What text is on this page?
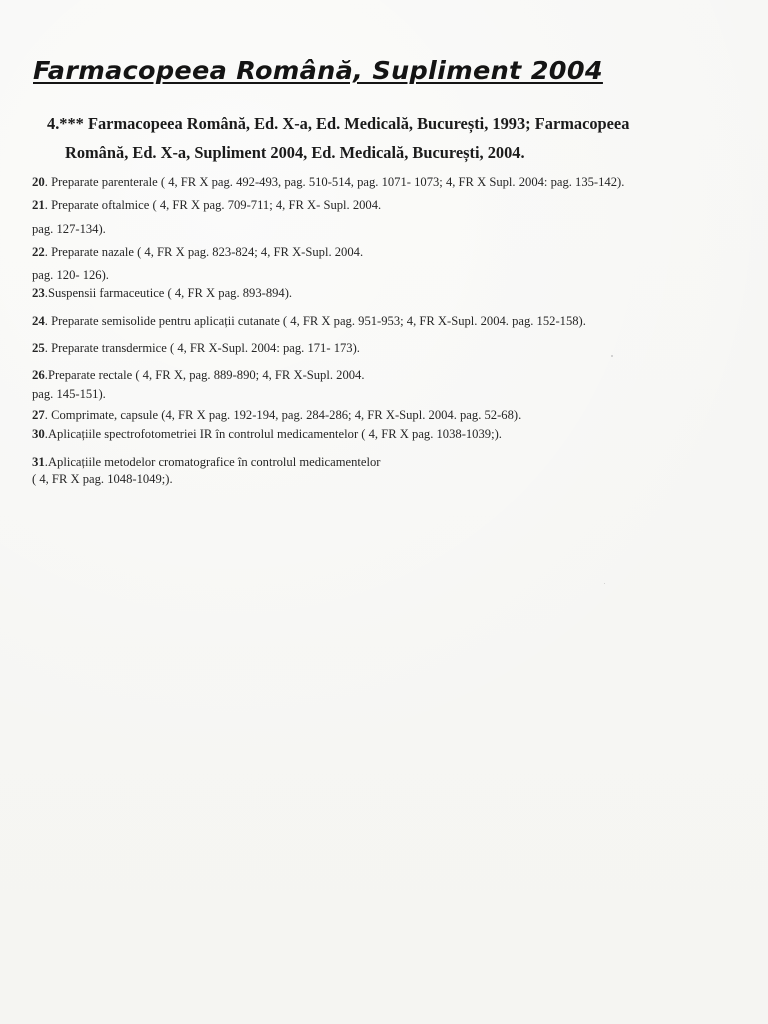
Farmacopeea Română, Supliment 2004
4.*** Farmacopeea Română, Ed. X-a, Ed. Medicală, București, 1993; Farmacopeea
Română, Ed. X-a, Supliment 2004, Ed. Medicală, București, 2004.
20. Preparate parenterale ( 4, FR X pag. 492-493, pag. 510-514, pag. 1071- 1073; 4, FR X Supl. 2004: pag. 135-142).
21. Preparate oftalmice ( 4, FR X pag. 709-711; 4, FR X- Supl. 2004.
pag. 127-134).
22. Preparate nazale ( 4, FR X pag. 823-824; 4, FR X-Supl. 2004.
pag. 120- 126).
23.Suspensii farmaceutice ( 4, FR X pag. 893-894).
24. Preparate semisolide pentru aplicații cutanate ( 4, FR X pag. 951-953; 4, FR X-Supl. 2004. pag. 152-158).
25. Preparate transdermice ( 4, FR X-Supl. 2004: pag. 171- 173).
26.Preparate rectale ( 4, FR X, pag. 889-890; 4, FR X-Supl. 2004.
pag. 145-151).
27. Comprimate, capsule (4, FR X pag. 192-194, pag. 284-286; 4, FR X-Supl. 2004. pag. 52-68).
30.Aplicațiile spectrofotometriei IR în controlul medicamentelor ( 4, FR X pag. 1038-1039;).
31.Aplicațiile metodelor cromatografice în controlul medicamentelor
( 4, FR X pag. 1048-1049;).
